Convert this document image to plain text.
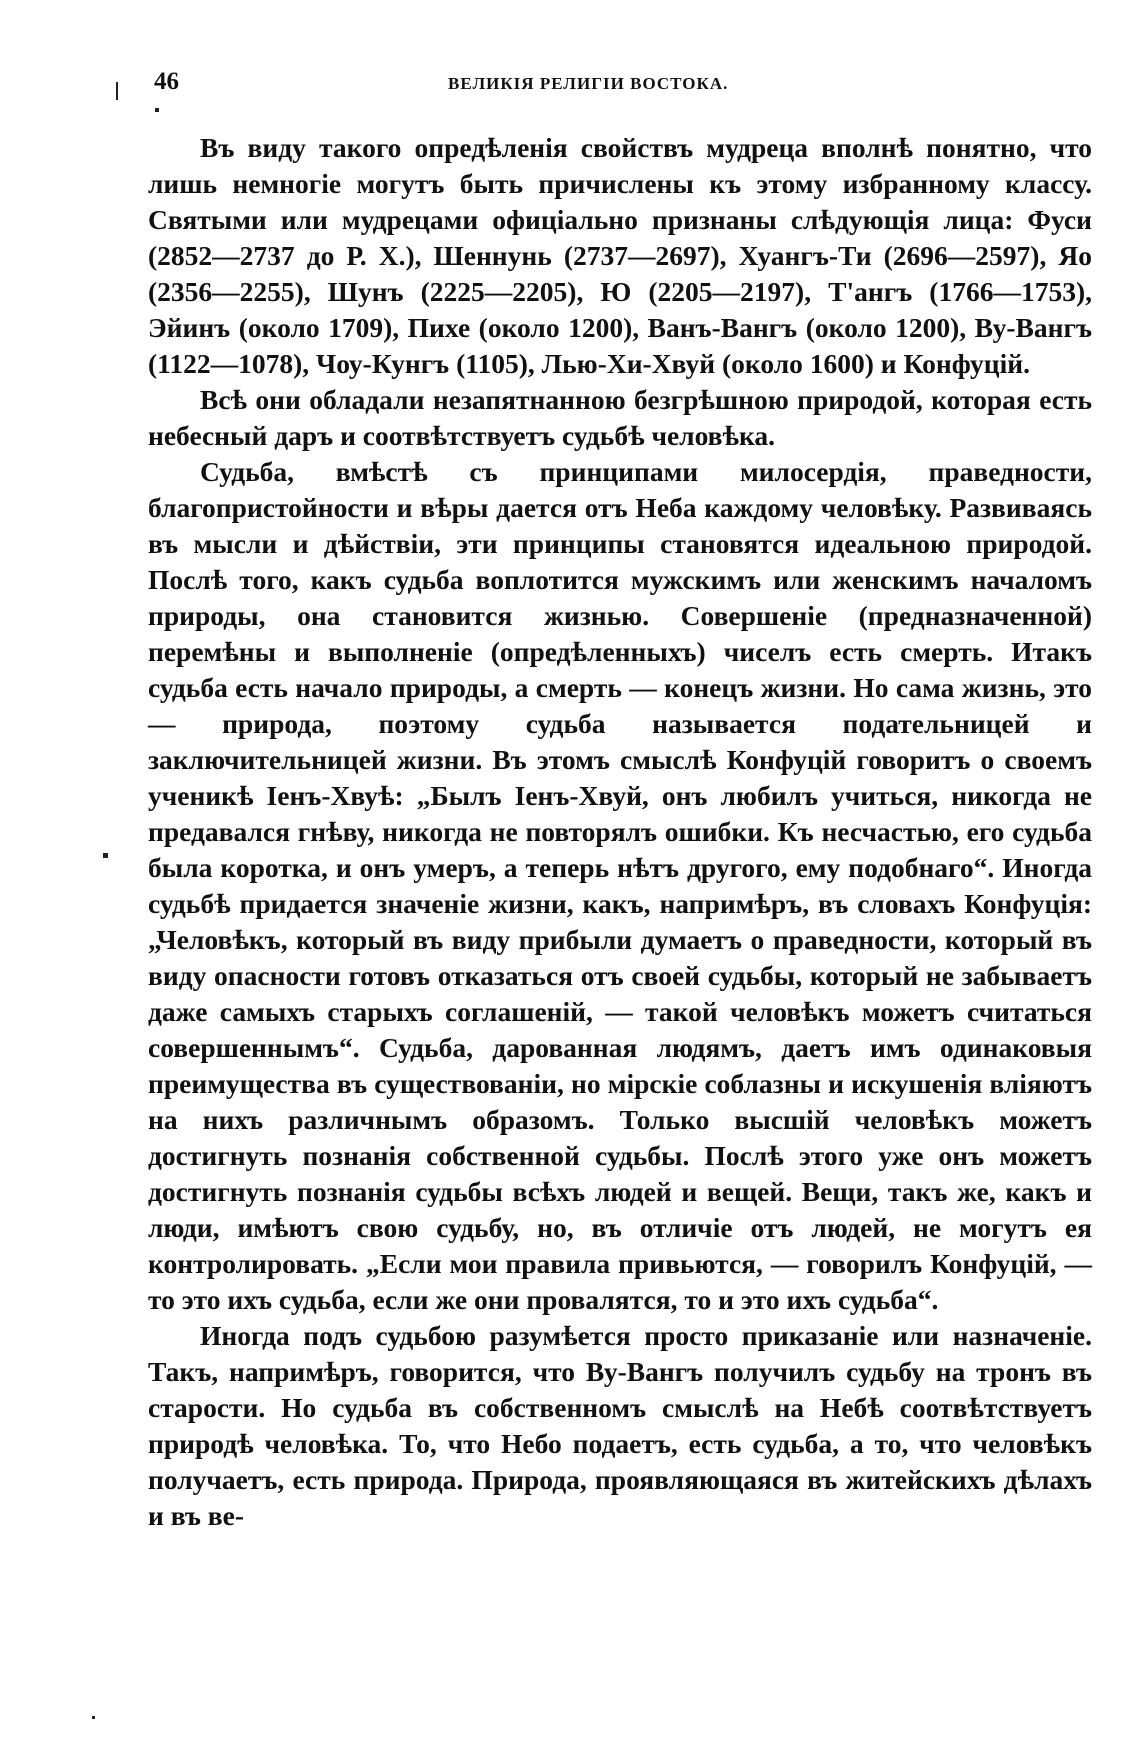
46	ВЕЛИКІЯ РЕЛИГІИ ВОСТОКА.

Въ виду такого опредѣленія свойствъ мудреца вполнѣ понятно, что лишь немногіе могутъ быть причислены къ этому избранному классу. Святыми или мудрецами офиціально признаны слѣдующія лица: Фуси (2852—2737 до Р. Х.), Шеннунь (2737—2697), Хуангъ-Ти (2696—2597), Яо (2356—2255), Шунъ (2225—2205), Ю (2205—2197), Т'ангъ (1766—1753), Эйинъ (около 1709), Пихе (около 1200), Ванъ-Вангъ (около 1200), Ву-Вангъ (1122—1078), Чоу-Кунгъ (1105), Лью-Хи-Хвуй (около 1600) и Конфуцій.

Всѣ они обладали незапятнанною безгрѣшною природой, которая есть небесный даръ и соотвѣтствуетъ судьбѣ человѣка.

Судьба, вмѣстѣ съ принципами милосердія, праведности, благопристойности и вѣры дается отъ Неба каждому человѣку. Развиваясь въ мысли и дѣйствіи, эти принципы становятся идеальною природой. Послѣ того, какъ судьба воплотится мужскимъ или женскимъ началомъ природы, она становится жизнью. Совершеніе (предназначенной) перемѣны и выполненіе (опредѣленныхъ) чиселъ есть смерть. Итакъ судьба есть начало природы, а смерть — конецъ жизни. Но сама жизнь, это — природа, поэтому судьба называется подательницей и заключительницей жизни. Въ этомъ смыслѣ Конфуцій говоритъ о своемъ ученикѣ Іенъ-Хвуѣ: „Былъ Іенъ-Хвуй, онъ любилъ учиться, никогда не предавался гнѣву, никогда не повторялъ ошибки. Къ несчастью, его судьба была коротка, и онъ умеръ, а теперь нѣтъ другого, ему подобнаго“. Иногда судьбѣ придается значеніе жизни, какъ, напримѣръ, въ словахъ Конфуція: „Человѣкъ, который въ виду прибыли думаетъ о праведности, который въ виду опасности готовъ отказаться отъ своей судьбы, который не забываетъ даже самыхъ старыхъ соглашеній, — такой человѣкъ можетъ считаться совершеннымъ“. Судьба, дарованная людямъ, даетъ имъ одинаковыя преимущества въ существованіи, но мірскіе соблазны и искушенія вліяютъ на нихъ различнымъ образомъ. Только высшій человѣкъ можетъ достигнуть познанія собственной судьбы. Послѣ этого уже онъ можетъ достигнуть познанія судьбы всѣхъ людей и вещей. Вещи, такъ же, какъ и люди, имѣютъ свою судьбу, но, въ отличіе отъ людей, не могутъ ея контролировать. „Если мои правила привьются, — говорилъ Конфуцій, — то это ихъ судьба, если же они провалятся, то и это ихъ судьба“.

Иногда подъ судьбою разумѣется просто приказаніе или назначеніе. Такъ, напримѣръ, говорится, что Ву-Вангъ получилъ судьбу на тронъ въ старости. Но судьба въ собственномъ смыслѣ на Небѣ соотвѣтствуетъ природѣ человѣка. То, что Небо подаетъ, есть судьба, а то, что человѣкъ получаетъ, есть природа. Природа, проявляющаяся въ житейскихъ дѣлахъ и въ ве-
